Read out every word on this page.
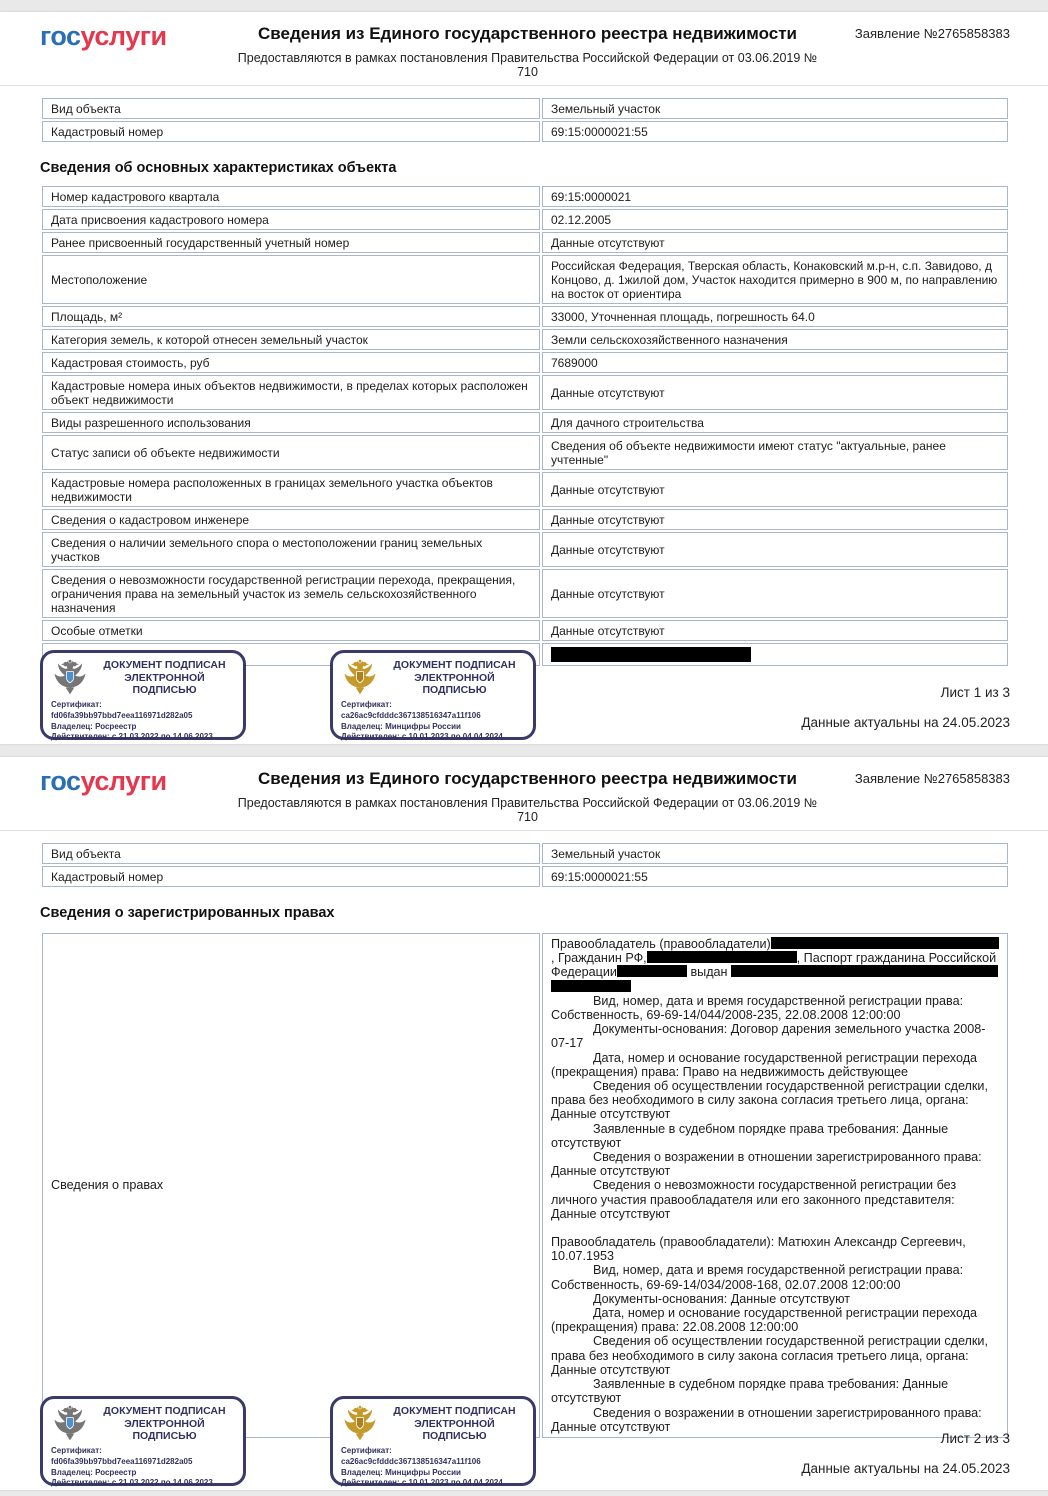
госуслуги	Сведения из Единого государственного реестра недвижимости
Предоставляются в рамках постановления Правительства Российской Федерации от 03.06.2019 № 710
Заявление №2765858383
Вид объекта	Земельный участок
Кадастровый номер	69:15:0000021:55
Сведения об основных характеристиках объекта
Номер кадастрового квартала	69:15:0000021
Дата присвоения кадастрового номера	02.12.2005
Ранее присвоенный государственный учетный номер	Данные отсутствуют
Местоположение	Российская Федерация, Тверская область, Конаковский м.р-н, с.п. Завидово, д Концово, д. 1жилой дом, Участок находится примерно в 900 м, по направлению на восток от ориентира
Площадь, м²	33000, Уточненная площадь, погрешность 64.0
Категория земель, к которой отнесен земельный участок	Земли сельскохозяйственного назначения
Кадастровая стоимость, руб	7689000
Кадастровые номера иных объектов недвижимости, в пределах которых расположен объект недвижимости	Данные отсутствуют
Виды разрешенного использования	Для дачного строительства
Статус записи об объекте недвижимости	Сведения об объекте недвижимости имеют статус "актуальные, ранее учтенные"
Кадастровые номера расположенных в границах земельного участка объектов недвижимости	Данные отсутствуют
Сведения о кадастровом инженере	Данные отсутствуют
Сведения о наличии земельного спора о местоположении границ земельных участков	Данные отсутствуют
Сведения о невозможности государственной регистрации перехода, прекращения, ограничения права на земельный участок из земель сельскохозяйственного назначения	Данные отсутствуют
Особые отметки	Данные отсутствуют

ДОКУМЕНТ ПОДПИСАН ЭЛЕКТРОННОЙ ПОДПИСЬЮ
Сертификат: fd06fa39bb97bbd7eea116971d282a05
Владелец: Росреестр
Действителен: с 21.03.2022 по 14.06.2023
ДОКУМЕНТ ПОДПИСАН ЭЛЕКТРОННОЙ ПОДПИСЬЮ
Сертификат: ca26ac9cfdddc367138516347a11f106
Владелец: Минцифры России
Действителен: с 10.01.2023 по 04.04.2024
Лист 1 из 3
Данные актуальны на 24.05.2023
госуслуги	Сведения из Единого государственного реестра недвижимости
Предоставляются в рамках постановления Правительства Российской Федерации от 03.06.2019 № 710
Заявление №2765858383
Вид объекта	Земельный участок
Кадастровый номер	69:15:0000021:55
Сведения о зарегистрированных правах
Сведения о правах	
Правообладатель (правообладатели), Гражданин РФ,	, Паспорт гражданина Российской Федерации	выдан
Вид, номер, дата и время государственной регистрации права: Собственность, 69-69-14/044/2008-235, 22.08.2008 12:00:00
Документы-основания: Договор дарения земельного участка 2008-07-17
Дата, номер и основание государственной регистрации перехода (прекращения) права: Право на недвижимость действующее
Сведения об осуществлении государственной регистрации сделки, права без необходимого в силу закона согласия третьего лица, органа: Данные отсутствуют
Заявленные в судебном порядке права требования: Данные отсутствуют
Сведения о возражении в отношении зарегистрированного права: Данные отсутствуют
Сведения о невозможности государственной регистрации без личного участия правообладателя или его законного представителя: Данные отсутствуют
Правообладатель (правообладатели): Матюхин Александр Сергеевич, 10.07.1953
Вид, номер, дата и время государственной регистрации права: Собственность, 69-69-14/034/2008-168, 02.07.2008 12:00:00
Документы-основания: Данные отсутствуют
Дата, номер и основание государственной регистрации перехода (прекращения) права: 22.08.2008 12:00:00
Сведения об осуществлении государственной регистрации сделки, права без необходимого в силу закона согласия третьего лица, органа: Данные отсутствуют
Заявленные в судебном порядке права требования: Данные отсутствуют
Сведения о возражении в отношении зарегистрированного права: Данные отсутствуют
ДОКУМЕНТ ПОДПИСАН ЭЛЕКТРОННОЙ ПОДПИСЬЮ
Сертификат: fd06fa39bb97bbd7eea116971d282a05
Владелец: Росреестр
Действителен: с 21.03.2022 по 14.06.2023
ДОКУМЕНТ ПОДПИСАН ЭЛЕКТРОННОЙ ПОДПИСЬЮ
Сертификат: ca26ac9cfdddc367138516347a11f106
Владелец: Минцифры России
Действителен: с 10.01.2023 по 04.04.2024
Лист 2 из 3
Данные актуальны на 24.05.2023
